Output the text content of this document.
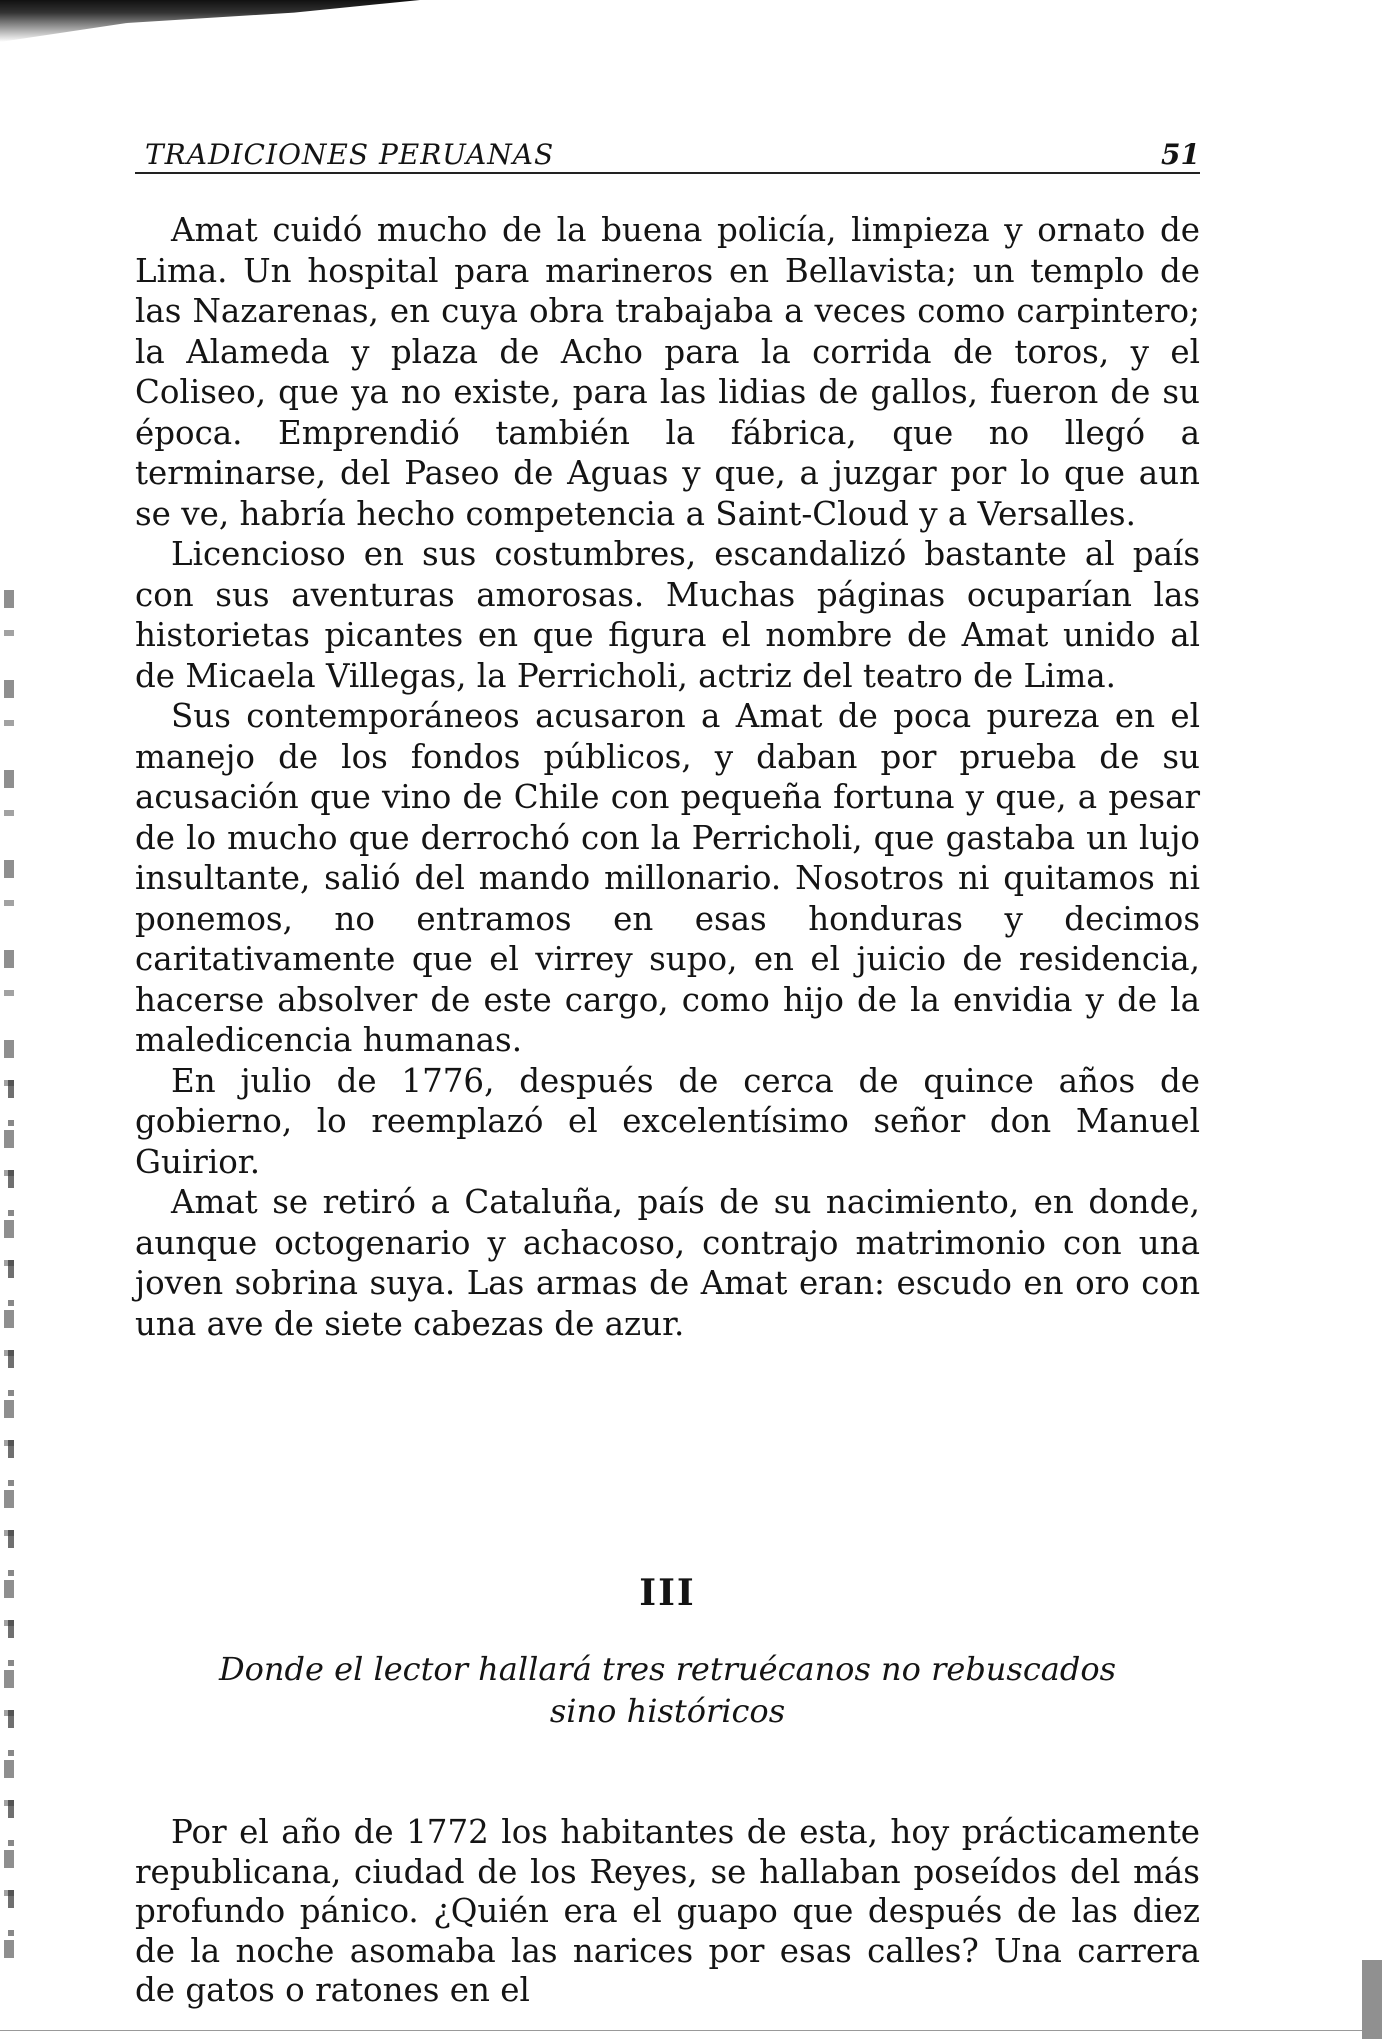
TRADICIONES PERUANAS	51

Amat cuidó mucho de la buena policía, limpieza y ornato de Lima. Un hospital para marineros en Bellavista; un templo de las Nazarenas, en cuya obra trabajaba a veces como carpintero; la Alameda y plaza de Acho para la corrida de toros, y el Coliseo, que ya no existe, para las lidias de gallos, fueron de su época. Emprendió también la fábrica, que no llegó a terminarse, del Paseo de Aguas y que, a juzgar por lo que aun se ve, habría hecho competencia a Saint-Cloud y a Versalles.

Licencioso en sus costumbres, escandalizó bastante al país con sus aventuras amorosas. Muchas páginas ocuparían las historietas picantes en que figura el nombre de Amat unido al de Micaela Villegas, la Perricholi, actriz del teatro de Lima.

Sus contemporáneos acusaron a Amat de poca pureza en el manejo de los fondos públicos, y daban por prueba de su acusación que vino de Chile con pequeña fortuna y que, a pesar de lo mucho que derrochó con la Perricholi, que gastaba un lujo insultante, salió del mando millonario. Nosotros ni quitamos ni ponemos, no entramos en esas honduras y decimos caritativamente que el virrey supo, en el juicio de residencia, hacerse absolver de este cargo, como hijo de la envidia y de la maledicencia humanas.

En julio de 1776, después de cerca de quince años de gobierno, lo reemplazó el excelentísimo señor don Manuel Guirior.

Amat se retiró a Cataluña, país de su nacimiento, en donde, aunque octogenario y achacoso, contrajo matrimonio con una joven sobrina suya. Las armas de Amat eran: escudo en oro con una ave de siete cabezas de azur.

III
Donde el lector hallará tres retruécanos no rebuscados
sino históricos

Por el año de 1772 los habitantes de esta, hoy prácticamente republicana, ciudad de los Reyes, se hallaban poseídos del más profundo pánico. ¿Quién era el guapo que después de las diez de la noche asomaba las narices por esas calles? Una carrera de gatos o ratones en el
